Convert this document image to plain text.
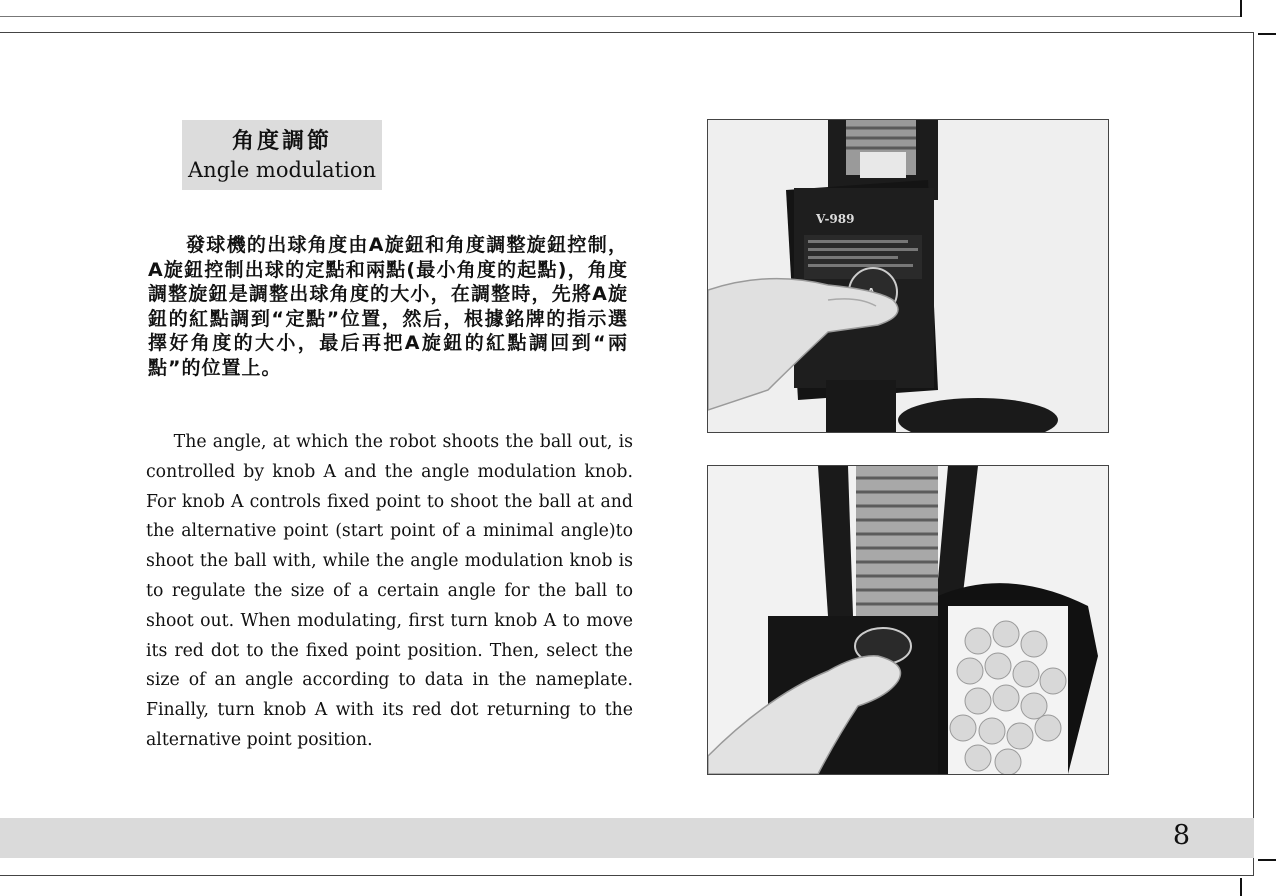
8
角度調節
Angle modulation
發球機的出球角度由A旋鈕和角度調整旋鈕控制，A旋鈕控制出球的定點和兩點(最小角度的起點)，角度調整旋鈕是調整出球角度的大小，在調整時，先將A旋鈕的紅點調到“定點”位置，然后，根據銘牌的指示選擇好角度的大小，最后再把A旋鈕的紅點調回到“兩點”的位置上。
The angle, at which the robot shoots the ball out, is controlled by knob A and the angle modulation knob. For knob A controls fixed point to shoot the ball at and the alternative point (start point of a minimal angle)to shoot the ball with, while the angle modulation knob is to regulate the size of a certain angle for the ball to shoot out. When modulating, first turn knob A to move its red dot to the fixed point position. Then, select the size of an angle according to data in the nameplate. Finally, turn knob A with its red dot returning to the alternative point position.
V-989
